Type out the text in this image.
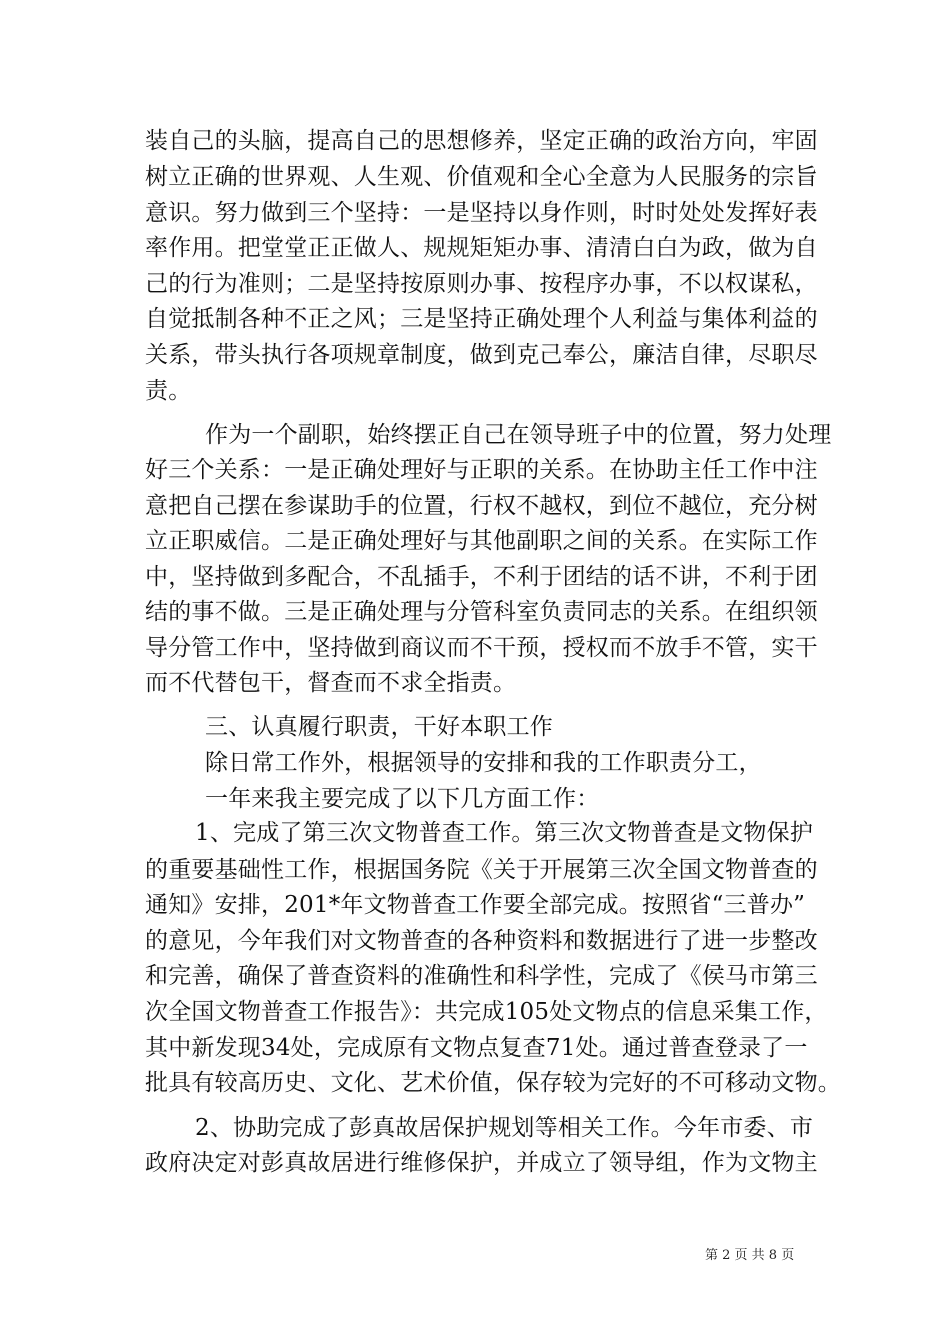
装自己的头脑，提高自己的思想修养，坚定正确的政治方向，牢固
树立正确的世界观、人生观、价值观和全心全意为人民服务的宗旨
意识。努力做到三个坚持：一是坚持以身作则，时时处处发挥好表
率作用。把堂堂正正做人、规规矩矩办事、清清白白为政，做为自
己的行为准则；二是坚持按原则办事、按程序办事，不以权谋私，
自觉抵制各种不正之风；三是坚持正确处理个人利益与集体利益的
关系，带头执行各项规章制度，做到克己奉公，廉洁自律，尽职尽
责。
作为一个副职，始终摆正自己在领导班子中的位置，努力处理
好三个关系：一是正确处理好与正职的关系。在协助主任工作中注
意把自己摆在参谋助手的位置，行权不越权，到位不越位，充分树
立正职威信。二是正确处理好与其他副职之间的关系。在实际工作
中，坚持做到多配合，不乱插手，不利于团结的话不讲，不利于团
结的事不做。三是正确处理与分管科室负责同志的关系。在组织领
导分管工作中，坚持做到商议而不干预，授权而不放手不管，实干
而不代替包干，督查而不求全指责。
三、认真履行职责，干好本职工作
除日常工作外，根据领导的安排和我的工作职责分工，
一年来我主要完成了以下几方面工作：
1、完成了第三次文物普查工作。第三次文物普查是文物保护
的重要基础性工作，根据国务院《关于开展第三次全国文物普查的
通知》安排，201*年文物普查工作要全部完成。按照省“三普办”
的意见，今年我们对文物普查的各种资料和数据进行了进一步整改
和完善，确保了普查资料的准确性和科学性，完成了《侯马市第三
次全国文物普查工作报告》：共完成105处文物点的信息采集工作，
其中新发现34处，完成原有文物点复查71处。通过普查登录了一
批具有较高历史、文化、艺术价值，保存较为完好的不可移动文物。
2、协助完成了彭真故居保护规划等相关工作。今年市委、市
政府决定对彭真故居进行维修保护，并成立了领导组，作为文物主
第 2 页 共 8 页
